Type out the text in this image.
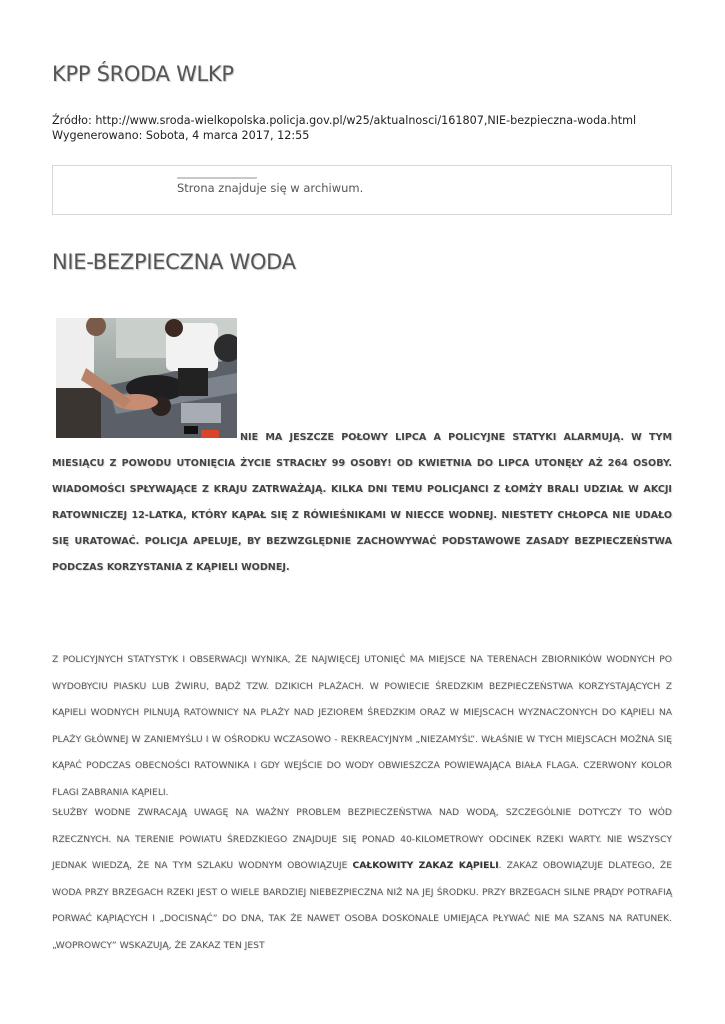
KPP ŚRODA WLKP
Źródło: http://www.sroda-wielkopolska.policja.gov.pl/w25/aktualnosci/161807,NIE-bezpieczna-woda.html
Wygenerowano: Sobota, 4 marca 2017, 12:55
Strona znajduje się w archiwum.
NIE-BEZPIECZNA WODA

NIE MA JESZCZE POŁOWY LIPCA A POLICYJNE STATYKI ALARMUJĄ. W TYM MIESIĄCU Z POWODU UTONIĘCIA ŻYCIE STRACIŁY 99 OSOBY! OD KWIETNIA DO LIPCA UTONĘŁY AŻ 264 OSOBY. WIADOMOŚCI SPŁYWAJĄCE Z KRAJU ZATRWAŻAJĄ. KILKA DNI TEMU POLICJANCI Z ŁOMŻY BRALI UDZIAŁ W AKCJI RATOWNICZEJ 12-LATKA, KTÓRY KĄPAŁ SIĘ Z RÓWIEŚNIKAMI W NIECCE WODNEJ. NIESTETY CHŁOPCA NIE UDAŁO SIĘ URATOWAĆ. POLICJA APELUJE, BY BEZWZGLĘDNIE ZACHOWYWAĆ PODSTAWOWE ZASADY BEZPIECZEŃSTWA PODCZAS KORZYSTANIA Z KĄPIELI WODNEJ.

Z POLICYJNYCH STATYSTYK I OBSERWACJI WYNIKA, ŻE NAJWIĘCEJ UTONIĘĆ MA MIEJSCE NA TERENACH ZBIORNIKÓW WODNYCH PO WYDOBYCIU PIASKU LUB ŻWIRU, BĄDŹ TZW. DZIKICH PLAŻACH. W POWIECIE ŚREDZKIM BEZPIECZEŃSTWA KORZYSTAJĄCYCH Z KĄPIELI WODNYCH PILNUJĄ RATOWNICY NA PLAŻY NAD JEZIOREM ŚREDZKIM ORAZ W MIEJSCACH WYZNACZONYCH DO KĄPIELI NA PLAŻY GŁÓWNEJ W ZANIEMYŚLU I W OŚRODKU WCZASOWO - REKREACYJNYM „NIEZAMYŚL”. WŁAŚNIE W TYCH MIEJSCACH MOŻNA SIĘ KĄPAĆ PODCZAS OBECNOŚCI RATOWNIKA I GDY WEJŚCIE DO WODY OBWIESZCZA POWIEWAJĄCA BIAŁA FLAGA. CZERWONY KOLOR FLAGI ZABRANIA KĄPIELI.

SŁUŻBY WODNE ZWRACAJĄ UWAGĘ NA WAŻNY PROBLEM BEZPIECZEŃSTWA NAD WODĄ, SZCZEGÓLNIE DOTYCZY TO WÓD RZECZNYCH. NA TERENIE POWIATU ŚREDZKIEGO ZNAJDUJE SIĘ PONAD 40-KILOMETROWY ODCINEK RZEKI WARTY. NIE WSZYSCY JEDNAK WIEDZĄ, ŻE NA TYM SZLAKU WODNYM OBOWIĄZUJE CAŁKOWITY ZAKAZ KĄPIELI. ZAKAZ OBOWIĄZUJE DLATEGO, ŻE WODA PRZY BRZEGACH RZEKI JEST O WIELE BARDZIEJ NIEBEZPIECZNA NIŻ NA JEJ ŚRODKU. PRZY BRZEGACH SILNE PRĄDY POTRAFIĄ PORWAĆ KĄPIĄCYCH I „DOCISNĄĆ” DO DNA, TAK ŻE NAWET OSOBA DOSKONALE UMIEJĄCA PŁYWAĆ NIE MA SZANS NA RATUNEK. „WOPROWCY” WSKAZUJĄ, ŻE ZAKAZ TEN JEST
